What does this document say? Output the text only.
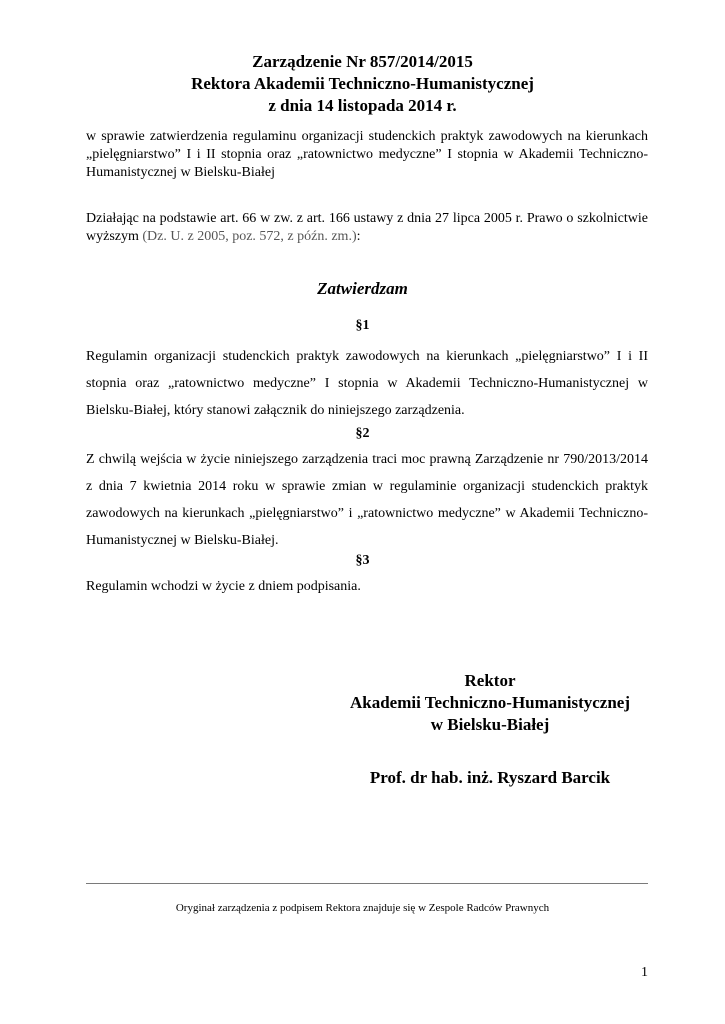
Zarządzenie Nr 857/2014/2015
Rektora Akademii Techniczno-Humanistycznej
z dnia 14 listopada 2014 r.
w sprawie zatwierdzenia regulaminu organizacji studenckich praktyk zawodowych na kierunkach „pielęgniarstwo” I i II stopnia oraz „ratownictwo medyczne” I stopnia w Akademii Techniczno-Humanistycznej w Bielsku-Białej
Działając na podstawie art. 66 w zw. z art. 166 ustawy z dnia 27 lipca 2005 r. Prawo o szkolnictwie wyższym (Dz. U. z 2005, poz. 572, z późn. zm.):
Zatwierdzam
§1
Regulamin organizacji studenckich praktyk zawodowych na kierunkach „pielęgniarstwo” I i II stopnia oraz „ratownictwo medyczne” I stopnia w Akademii Techniczno-Humanistycznej w Bielsku-Białej, który stanowi załącznik do niniejszego zarządzenia.
§2
Z chwilą wejścia w życie niniejszego zarządzenia traci moc prawną Zarządzenie nr 790/2013/2014 z dnia 7 kwietnia 2014 roku w sprawie zmian w regulaminie organizacji studenckich praktyk zawodowych na kierunkach „pielęgniarstwo” i „ratownictwo medyczne” w Akademii Techniczno-Humanistycznej w Bielsku-Białej.
§3
Regulamin wchodzi w życie z dniem podpisania.
Rektor
Akademii Techniczno-Humanistycznej
w Bielsku-Białej
Prof. dr hab. inż. Ryszard Barcik
Oryginał zarządzenia z podpisem Rektora znajduje się w Zespole Radców Prawnych
1
